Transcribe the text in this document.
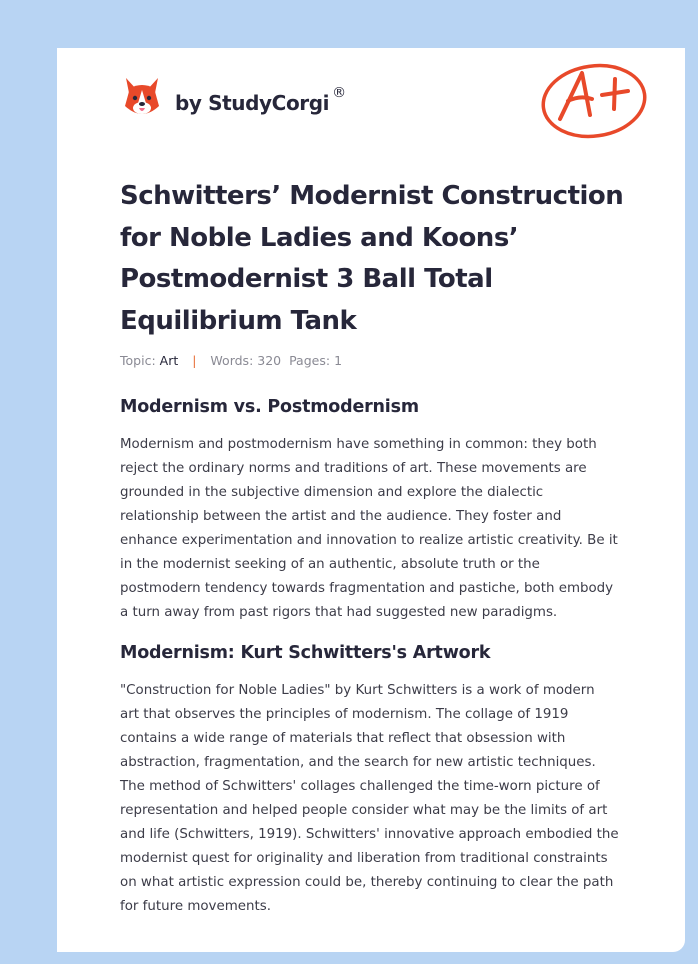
by StudyCorgi ®
Schwitters’ Modernist Construction for Noble Ladies and Koons’ Postmodernist 3 Ball Total Equilibrium Tank
Topic: Art | Words: 320 Pages: 1
Modernism vs. Postmodernism

Modernism and postmodernism have something in common: they both
reject the ordinary norms and traditions of art. These movements are
grounded in the subjective dimension and explore the dialectic
relationship between the artist and the audience. They foster and
enhance experimentation and innovation to realize artistic creativity. Be it
in the modernist seeking of an authentic, absolute truth or the
postmodern tendency towards fragmentation and pastiche, both embody
a turn away from past rigors that had suggested new paradigms.

Modernism: Kurt Schwitters's Artwork

"Construction for Noble Ladies" by Kurt Schwitters is a work of modern
art that observes the principles of modernism. The collage of 1919
contains a wide range of materials that reflect that obsession with
abstraction, fragmentation, and the search for new artistic techniques.
The method of Schwitters' collages challenged the time-worn picture of
representation and helped people consider what may be the limits of art
and life (Schwitters, 1919). Schwitters' innovative approach embodied the
modernist quest for originality and liberation from traditional constraints
on what artistic expression could be, thereby continuing to clear the path
for future movements.
